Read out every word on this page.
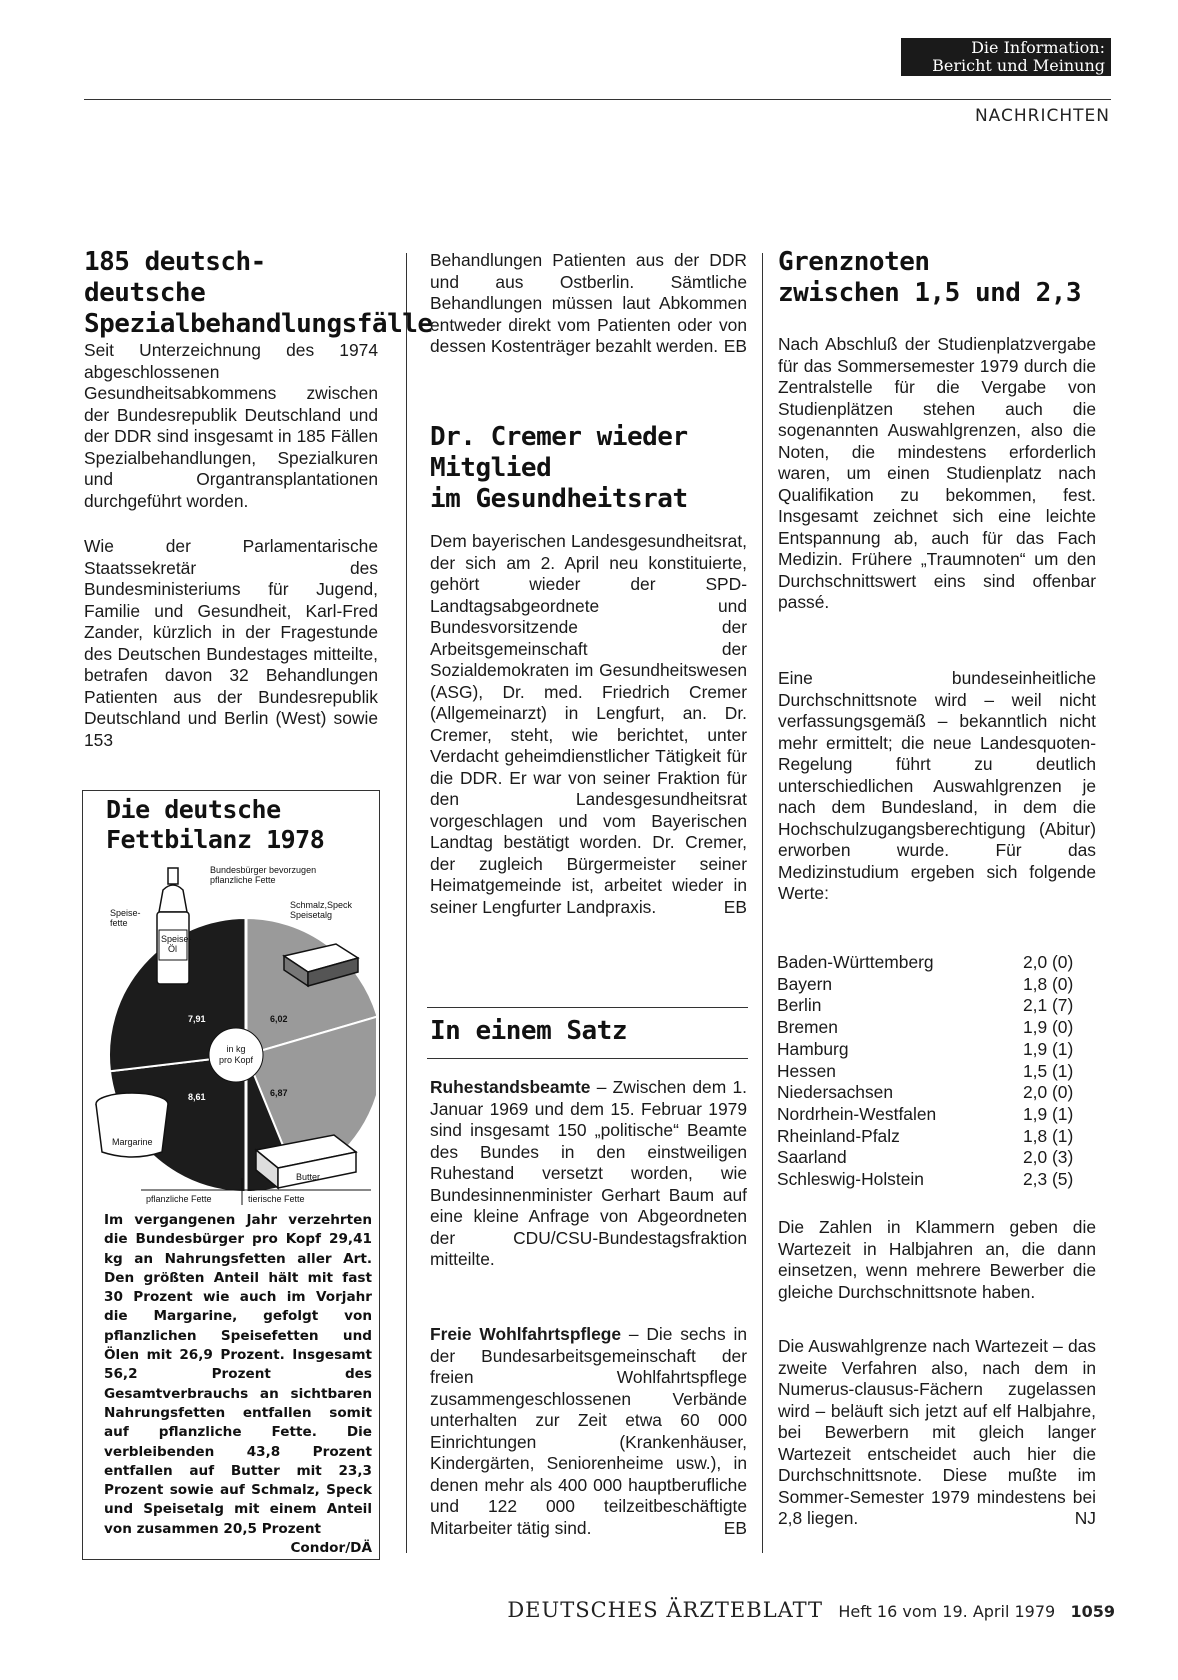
Die Information:
Bericht und Meinung
NACHRICHTEN
185 deutsch-deutsche
Spezialbehandlungsfälle

Seit Unterzeichnung des 1974 abgeschlossenen Gesundheitsabkommens zwischen der Bundesrepublik Deutschland und der DDR sind insgesamt in 185 Fällen Spezialbehandlungen, Spezialkuren und Organtransplantationen durchgeführt worden.

Wie der Parlamentarische Staatssekretär des Bundesministeriums für Jugend, Familie und Gesundheit, Karl-Fred Zander, kürzlich in der Fragestunde des Deutschen Bundestages mitteilte, betrafen davon 32 Behandlungen Patienten aus der Bundesrepublik Deutschland und Berlin (West) sowie 153

Die deutsche
Fettbilanz 1978
in kg
pro Kopf
7,91
8,61	6,87
6,02
Bundesbürger bevorzugen
pflanzliche Fette
Speise-
fette
Speise-
Öl
Schmalz,Speck
Speisetalg
Margarine
Butter
pflanzliche Fette	tierische Fette

Im vergangenen Jahr verzehrten die Bundesbürger pro Kopf 29,41 kg an Nahrungsfetten aller Art. Den größten Anteil hält mit fast 30 Prozent wie auch im Vorjahr die Margarine, gefolgt von pflanzlichen Speisefetten und Ölen mit 26,9 Prozent. Insgesamt 56,2 Prozent des Gesamtverbrauchs an sichtbaren Nahrungsfetten entfallen somit auf pflanzliche Fette. Die verbleibenden 43,8 Prozent entfallen auf Butter mit 23,3 Prozent sowie auf Schmalz, Speck und Speisetalg mit einem Anteil von zusammen 20,5 Prozent
Condor/DÄ

Behandlungen Patienten aus der DDR und aus Ostberlin. Sämtliche Behandlungen müssen laut Abkommen entweder direkt vom Patienten oder von dessen Kostenträger bezahlt werden. EB

Dr. Cremer wieder
Mitglied
im Gesundheitsrat

Dem bayerischen Landesgesundheitsrat, der sich am 2. April neu konstituierte, gehört wieder der SPD-Landtagsabgeordnete und Bundesvorsitzende der Arbeitsgemeinschaft der Sozialdemokraten im Gesundheitswesen (ASG), Dr. med. Friedrich Cremer (Allgemeinarzt) in Lengfurt, an. Dr. Cremer, steht, wie berichtet, unter Verdacht geheimdienstlicher Tätigkeit für die DDR. Er war von seiner Fraktion für den Landesgesundheitsrat vorgeschlagen und vom Bayerischen Landtag bestätigt worden. Dr. Cremer, der zugleich Bürgermeister seiner Heimatgemeinde ist, arbeitet wieder in seiner Lengfurter Landpraxis.	EB

In einem Satz

Ruhestandsbeamte – Zwischen dem 1. Januar 1969 und dem 15. Februar 1979 sind insgesamt 150 „politische“ Beamte des Bundes in den einstweiligen Ruhestand versetzt worden, wie Bundesinnenminister Gerhart Baum auf eine kleine Anfrage von Abgeordneten der CDU/CSU-Bundestagsfraktion mitteilte.

Freie Wohlfahrtspflege – Die sechs in der Bundesarbeitsgemeinschaft der freien Wohlfahrtspflege zusammengeschlossenen Verbände unterhalten zur Zeit etwa 60 000 Einrichtungen (Krankenhäuser, Kindergärten, Seniorenheime usw.), in denen mehr als 400 000 hauptberufliche und 122 000 teilzeitbeschäftigte Mitarbeiter tätig sind.	EB

Grenznoten
zwischen 1,5 und 2,3

Nach Abschluß der Studienplatzvergabe für das Sommersemester 1979 durch die Zentralstelle für die Vergabe von Studienplätzen stehen auch die sogenannten Auswahlgrenzen, also die Noten, die mindestens erforderlich waren, um einen Studienplatz nach Qualifikation zu bekommen, fest. Insgesamt zeichnet sich eine leichte Entspannung ab, auch für das Fach Medizin. Frühere „Traumnoten“ um den Durchschnittswert eins sind offenbar passé.

Eine bundeseinheitliche Durchschnittsnote wird – weil nicht verfassungsgemäß – bekanntlich nicht mehr ermittelt; die neue Landesquoten-Regelung führt zu deutlich unterschiedlichen Auswahlgrenzen je nach dem Bundesland, in dem die Hochschulzugangsberechtigung (Abitur) erworben wurde. Für das Medizinstudium ergeben sich folgende Werte:

Baden-Württemberg	2,0 (0)
Bayern	1,8 (0)
Berlin	2,1 (7)
Bremen	1,9 (0)
Hamburg	1,9 (1)
Hessen	1,5 (1)
Niedersachsen	2,0 (0)
Nordrhein-Westfalen	1,9 (1)
Rheinland-Pfalz	1,8 (1)
Saarland	2,0 (3)
Schleswig-Holstein	2,3 (5)

Die Zahlen in Klammern geben die Wartezeit in Halbjahren an, die dann einsetzen, wenn mehrere Bewerber die gleiche Durchschnittsnote haben.

Die Auswahlgrenze nach Wartezeit – das zweite Verfahren also, nach dem in Numerus-clausus-Fächern zugelassen wird – beläuft sich jetzt auf elf Halbjahre, bei Bewerbern mit gleich langer Wartezeit entscheidet auch hier die Durchschnittsnote. Diese mußte im Sommer-Semester 1979 mindestens bei 2,8 liegen.	NJ

DEUTSCHES ÄRZTEBLATT Heft 16 vom 19. April 1979 1059
